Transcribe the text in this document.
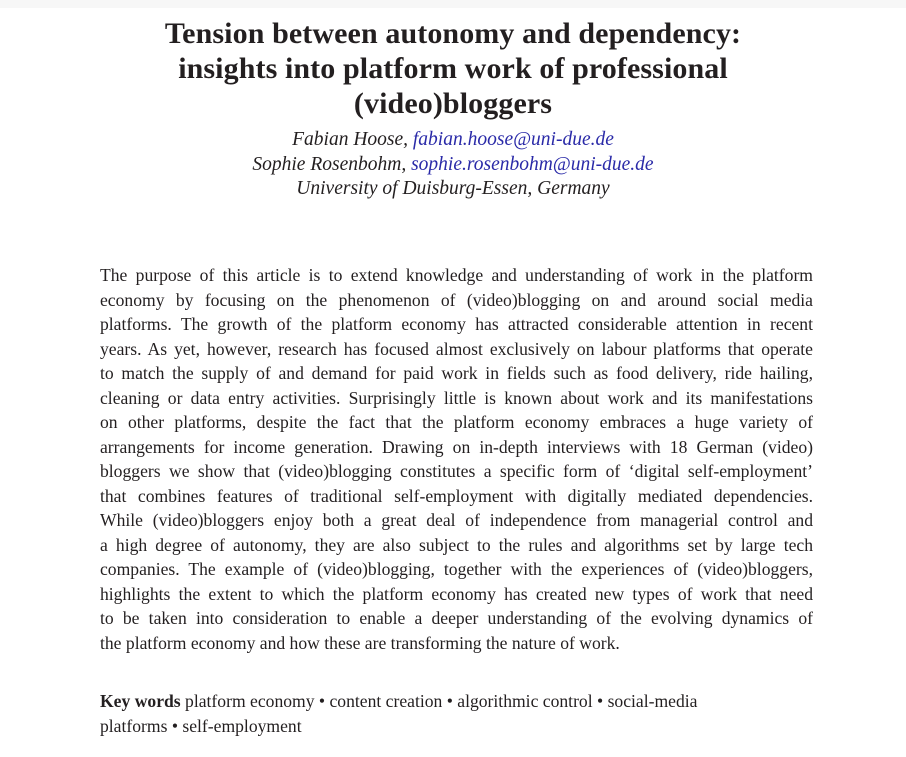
Tension between autonomy and dependency:
insights into platform work of professional
(video)bloggers
Fabian Hoose, fabian.hoose@uni-due.de
Sophie Rosenbohm, sophie.rosenbohm@uni-due.de
University of Duisburg-Essen, Germany
The purpose of this article is to extend knowledge and understanding of work in the platform
economy by focusing on the phenomenon of (video)blogging on and around social media
platforms. The growth of the platform economy has attracted considerable attention in recent
years. As yet, however, research has focused almost exclusively on labour platforms that operate
to match the supply of and demand for paid work in fields such as food delivery, ride hailing,
cleaning or data entry activities. Surprisingly little is known about work and its manifestations
on other platforms, despite the fact that the platform economy embraces a huge variety of
arrangements for income generation. Drawing on in-depth interviews with 18 German (video)
bloggers we show that (video)blogging constitutes a specific form of ‘digital self-employment’
that combines features of traditional self-employment with digitally mediated dependencies.
While (video)bloggers enjoy both a great deal of independence from managerial control and
a high degree of autonomy, they are also subject to the rules and algorithms set by large tech
companies. The example of (video)blogging, together with the experiences of (video)bloggers,
highlights the extent to which the platform economy has created new types of work that need
to be taken into consideration to enable a deeper understanding of the evolving dynamics of
the platform economy and how these are transforming the nature of work.
Key words platform economy • content creation • algorithmic control • social-media
platforms • self-employment
